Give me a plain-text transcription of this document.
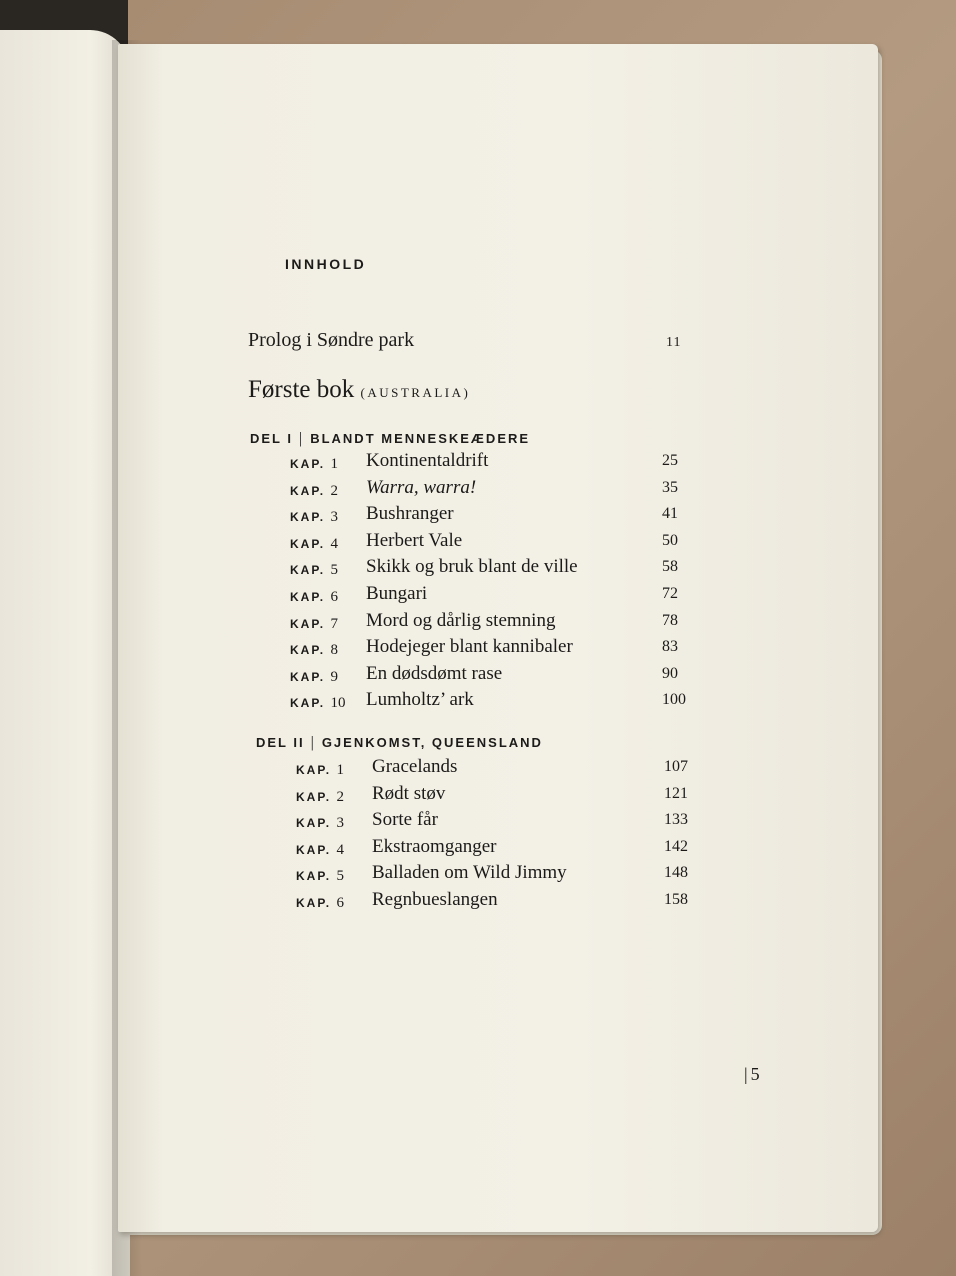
INNHOLD
Prolog i Søndre park	11
Første bok (AUSTRALIA)
DEL I | BLANDT MENNESKEÆDERE
KAP. 1	Kontinentaldrift	25
KAP. 2	Warra, warra!	35
KAP. 3	Bushranger	41
KAP. 4	Herbert Vale	50
KAP. 5	Skikk og bruk blant de ville	58
KAP. 6	Bungari	72
KAP. 7	Mord og dårlig stemning	78
KAP. 8	Hodejeger blant kannibaler	83
KAP. 9	En dødsdømt rase	90
KAP. 10	Lumholtz’ ark	100
DEL II | GJENKOMST, QUEENSLAND
KAP. 1	Gracelands	107
KAP. 2	Rødt støv	121
KAP. 3	Sorte får	133
KAP. 4	Ekstraomganger	142
KAP. 5	Balladen om Wild Jimmy	148
KAP. 6	Regnbueslangen	158
| 5
